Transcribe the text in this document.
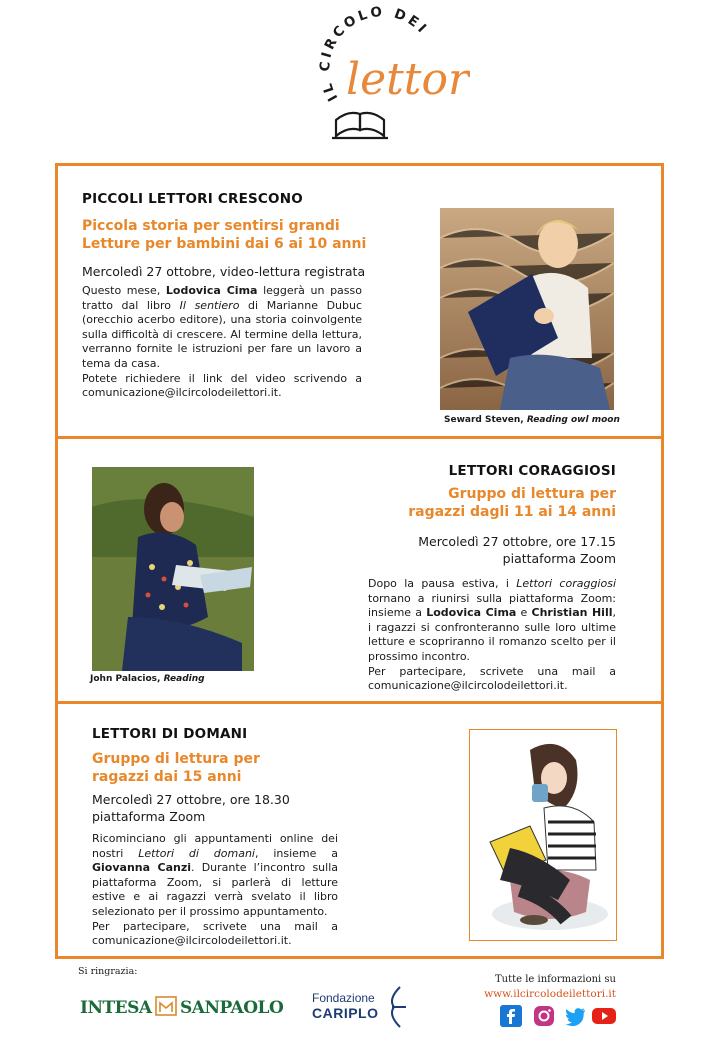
IL CIRCOLO DEI
lettori
PICCOLI LETTORI CRESCONO
Piccola storia per sentirsi grandi
Letture per bambini dai 6 ai 10 anni
Mercoledì 27 ottobre, video-lettura registrata
Questo mese, Lodovica Cima leggerà un passo tratto dal libro Il sentiero di Marianne Dubuc (orecchio acerbo editore), una storia coinvolgente sulla difficoltà di crescere. Al termine della lettura, verranno fornite le istruzioni per fare un lavoro a tema da casa.
Potete richiedere il link del video scrivendo a comunicazione@ilcircolodeilettori.it.
Seward Steven, Reading owl moon
John Palacios, Reading
LETTORI CORAGGIOSI
Gruppo di lettura per
ragazzi dagli 11 ai 14 anni
Mercoledì 27 ottobre, ore 17.15
piattaforma Zoom
Dopo la pausa estiva, i Lettori coraggiosi tornano a riunirsi sulla piattaforma Zoom: insieme a Lodovica Cima e Christian Hill, i ragazzi si confronteranno sulle loro ultime letture e scopriranno il romanzo scelto per il prossimo incontro.
Per partecipare, scrivete una mail a comunicazione@ilcircolodeilettori.it.
LETTORI DI DOMANI
Gruppo di lettura per
ragazzi dai 15 anni
Mercoledì 27 ottobre, ore 18.30
piattaforma Zoom
Ricominciano gli appuntamenti online dei nostri Lettori di domani, insieme a Giovanna Canzi. Durante l’incontro sulla piattaforma Zoom, si parlerà di letture estive e ai ragazzi verrà svelato il libro selezionato per il prossimo appuntamento.
Per partecipare, scrivete una mail a comunicazione@ilcircolodeilettori.it.
Si ringrazia:
INTESA SANPAOLO Fondazione
CARIPLO
Tutte le informazioni su
www.ilcircolodeilettori.it
